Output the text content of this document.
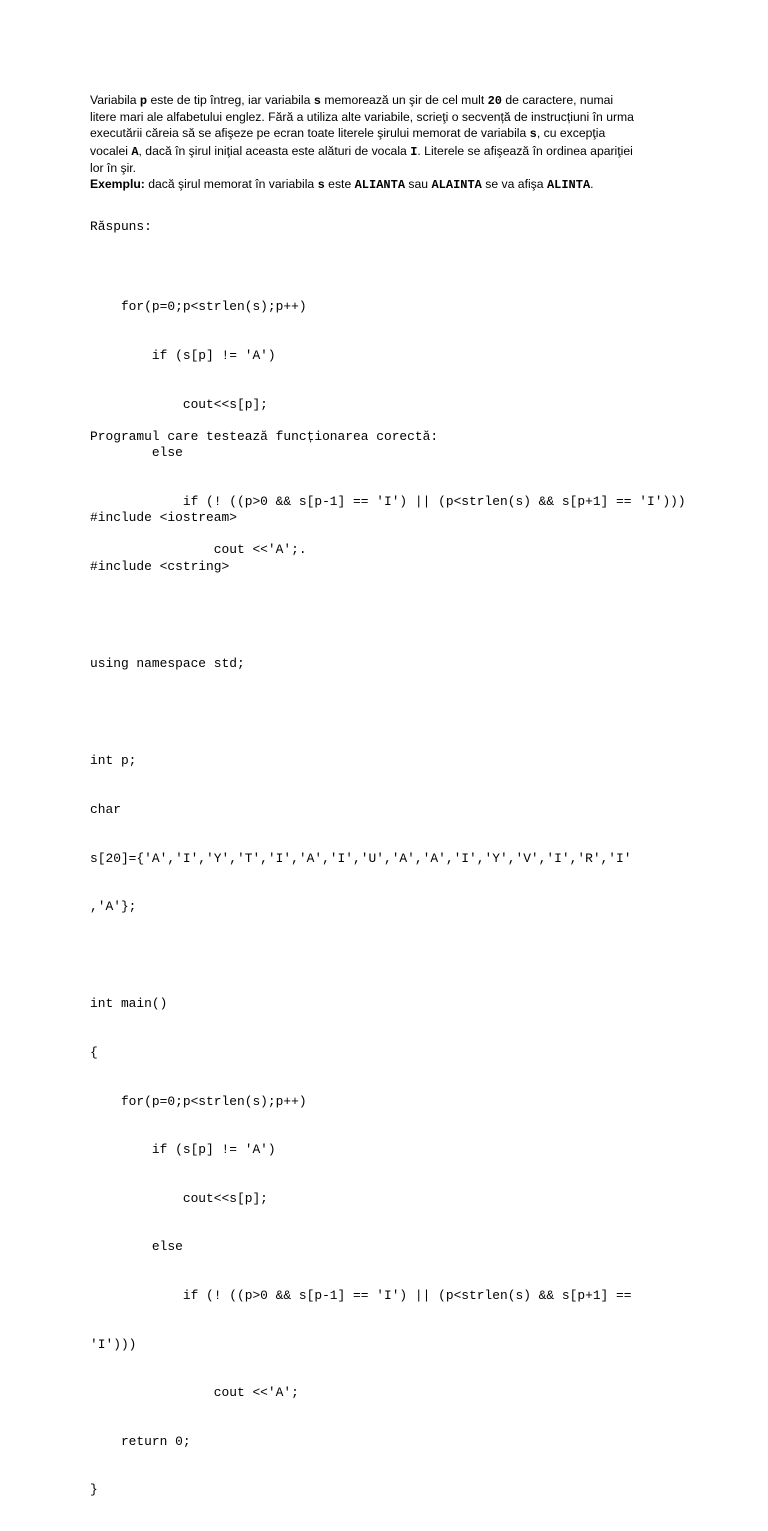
Variabila p este de tip întreg, iar variabila s memorează un şir de cel mult 20 de caractere, numai
litere mari ale alfabetului englez. Fără a utiliza alte variabile, scrieţi o secvență de instrucțiuni în urma
executării căreia să se afişeze pe ecran toate literele şirului memorat de variabila s, cu excepţia
vocalei A, dacă în şirul iniţial aceasta este alături de vocala I. Literele se afişează în ordinea apariţiei
lor în şir.
Exemplu: dacă şirul memorat în variabila s este ALIANTA sau ALAINTA se va afişa ALINTA.
Răspuns:

for(p=0;p<strlen(s);p++)

if (s[p] != 'A')

cout<<s[p];

else

if (! ((p>0 && s[p-1] == 'I') || (p<strlen(s) && s[p+1] == 'I')))

cout <<'A';.

Programul care testează funcționarea corectă:

#include <iostream>

#include <cstring>

using namespace std;

int p;

char

s[20]={'A','I','Y','T','I','A','I','U','A','A','I','Y','V','I','R','I'

,'A'};

int main()

{

for(p=0;p<strlen(s);p++)

if (s[p] != 'A')

cout<<s[p];

else

if (! ((p>0 && s[p-1] == 'I') || (p<strlen(s) && s[p+1] ==

'I')))

cout <<'A';

return 0;

}
